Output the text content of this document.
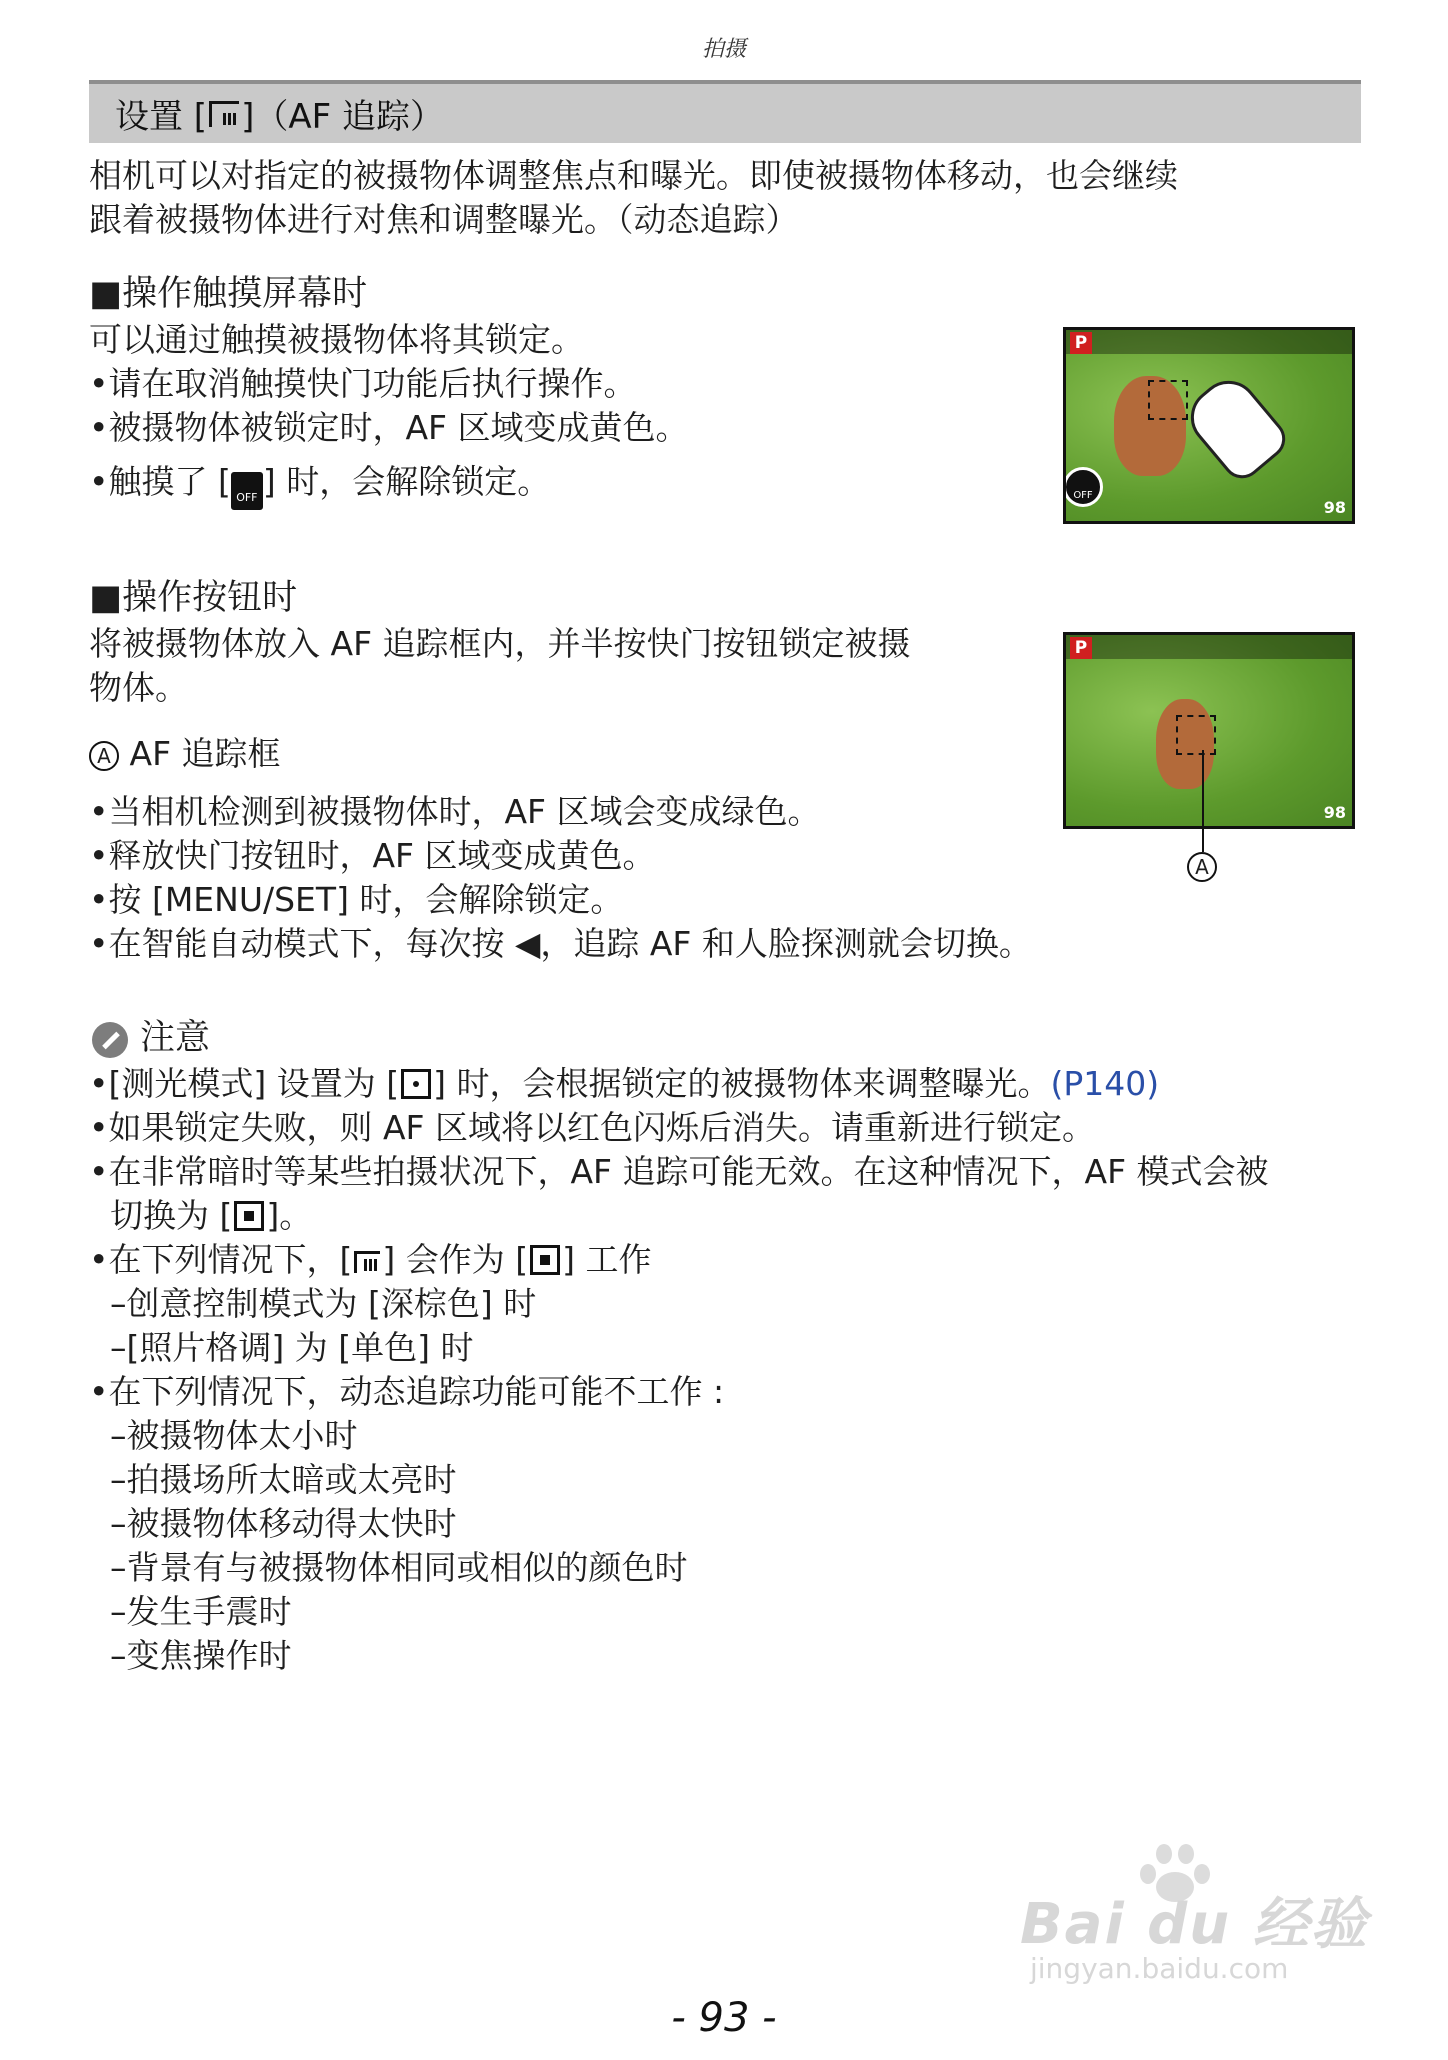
拍摄
设置 [ ]（AF 追踪）
相机可以对指定的被摄物体调整焦点和曝光。即使被摄物体移动，也会继续
跟着被摄物体进行对焦和调整曝光。（动态追踪）
■操作触摸屏幕时
可以通过触摸被摄物体将其锁定。
•请在取消触摸快门功能后执行操作。
•被摄物体被锁定时，AF 区域变成黄色。
•触摸了 [ OFF ] 时，会解除锁定。
P
OFF
98
■操作按钮时
将被摄物体放入 AF 追踪框内，并半按快门按钮锁定被摄
物体。
A AF 追踪框
•当相机检测到被摄物体时，AF 区域会变成绿色。
•释放快门按钮时，AF 区域变成黄色。
•按 [MENU/SET] 时，会解除锁定。
•在智能自动模式下，每次按 ◀，追踪 AF 和人脸探测就会切换。
P
98
A
注意
•[测光模式] 设置为 [ ] 时，会根据锁定的被摄物体来调整曝光。(P140)
•如果锁定失败，则 AF 区域将以红色闪烁后消失。请重新进行锁定。
•在非常暗时等某些拍摄状况下，AF 追踪可能无效。在这种情况下，AF 模式会被
切换为 [ ]。
•在下列情况下，[ ] 会作为 [ ] 工作
–创意控制模式为 [深棕色] 时
–[照片格调] 为 [单色] 时
•在下列情况下，动态追踪功能可能不工作 :
–被摄物体太小时
–拍摄场所太暗或太亮时
–被摄物体移动得太快时
–背景有与被摄物体相同或相似的颜色时
–发生手震时
–变焦操作时
Bai du 经验
jingyan.baidu.com
- 93 -
